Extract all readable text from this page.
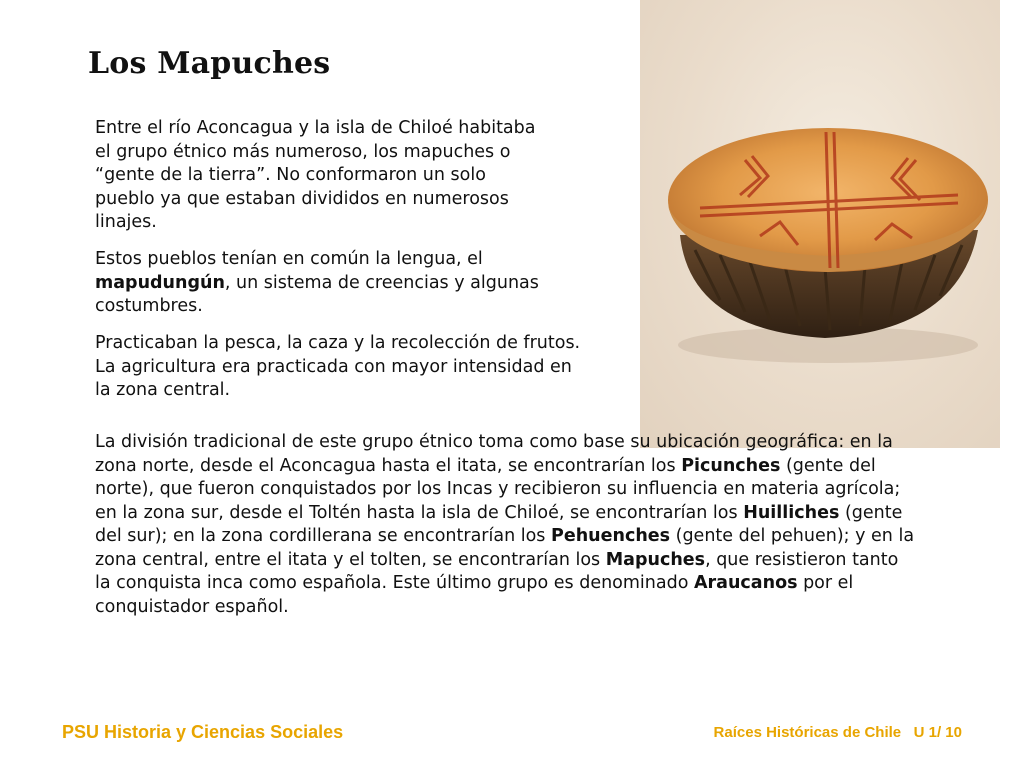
Los Mapuches

Entre el río Aconcagua y la isla de Chiloé habitaba el grupo étnico más numeroso, los mapuches o “gente de la tierra”. No conformaron un solo pueblo ya que estaban divididos en numerosos linajes.

Estos pueblos tenían en común la lengua, el mapudungún, un sistema de creencias y algunas costumbres.

Practicaban la pesca, la caza y la recolección de frutos. La agricultura era practicada con mayor intensidad en la zona central.

La división tradicional de este grupo étnico toma como base su ubicación geográfica: en la zona norte, desde el Aconcagua hasta el itata, se encontrarían los Picunches (gente del norte), que fueron conquistados por los Incas y recibieron su influencia en materia agrícola; en la zona sur, desde el Toltén hasta la isla de Chiloé, se encontrarían los Huilliches (gente del sur); en la zona cordillerana se encontrarían los Pehuenches (gente del pehuen); y en la zona central, entre el itata y el tolten, se encontrarían los Mapuches, que resistieron tanto la conquista inca como española. Este último grupo es denominado Araucanos por el conquistador español.

PSU Historia y Ciencias Sociales	Raíces Históricas de Chile   U 1/ 10
